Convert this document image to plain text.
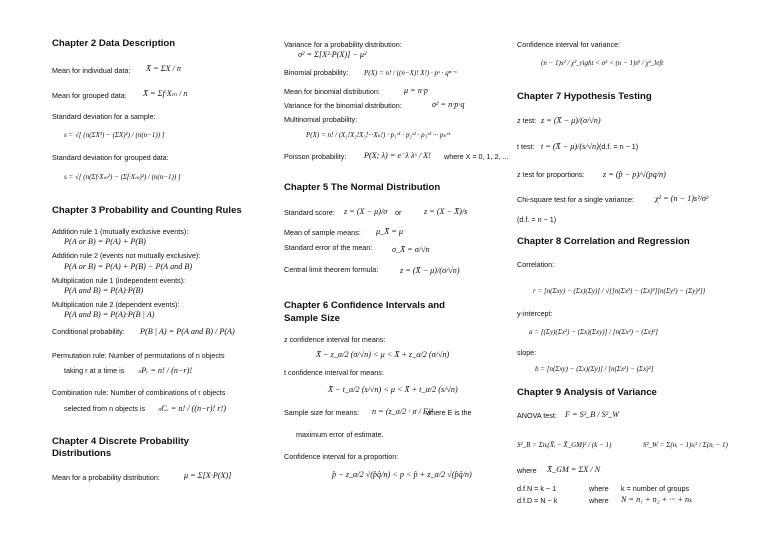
Chapter 2 Data Description
Mean for individual data: X̄ = ΣX / n
Mean for grouped data: X̄ = Σf·Xₘ / n
Standard deviation for a sample:
s = √[ (n(ΣX²) − (ΣX)²) / (n(n−1)) ]
Standard deviation for grouped data:
s = √[ (n(Σf·Xₘ²) − (Σf·Xₘ)²) / (n(n−1)) ]
Chapter 3 Probability and Counting Rules
Addition rule 1 (mutually exclusive events):
P(A or B) = P(A) + P(B)
Addition rule 2 (events not mutually exclusive):
P(A or B) = P(A) + P(B) − P(A and B)
Multiplication rule 1 (independent events):
P(A and B) = P(A)·P(B)
Multiplication rule 2 (dependent events):
P(A and B) = P(A)·P(B | A)
Conditional probability: P(B | A) = P(A and B) / P(A)
Permutation rule: Number of permutations of n objects
taking r at a time is ₙPᵣ = n! / (n−r)!
Combination rule: Number of combinations of r objects
selected from n objects is ₙCᵣ = n! / ((n−r)! r!)
Chapter 4 Discrete Probability
Distributions
Mean for a probability distribution:	μ = Σ[X·P(X)]
Variance for a probability distribution:
σ² = Σ[X²·P(X)] − μ²
Binomial probability: P(X) = n! / ((n−X)! X!) · pˣ · qⁿ⁻ˣ
Mean for binomial distribution:	μ = n·p
Variance for the binomial distribution:	σ² = n·p·q
Multinomial probability:
P(X) = n! / (X₁!X₂!X₃!···Xₖ!) · p₁ˣ¹ · p₂ˣ² · p₃ˣ³ ··· pₖˣᵏ
Poisson probability: P(X; λ) = e⁻λ λˣ / X! where X = 0, 1, 2, ...
Chapter 5 The Normal Distribution
Standard score: z = (X − μ)/σ or	z = (X − X̄)/s
Mean of sample means: μ_X̄ = μ
Standard error of the mean: σ_X̄ = σ/√n
Central limit theorem formula:	z = (X̄ − μ)/(σ/√n)
Chapter 6 Confidence Intervals and
Sample Size
z confidence interval for means:
X̄ − z_α/2 (σ/√n) < μ < X̄ + z_α/2 (σ/√n)
t confidence interval for means:
X̄ − t_α/2 (s/√n) < μ < X̄ + t_α/2 (s/√n)
Sample size for means: n = (z_α/2 · σ / E)²
where E is the
maximum error of estimate.
Confidence interval for a proportion:
p̂ − z_α/2 √(p̂q̂/n) < p < p̂ + z_α/2 √(p̂q̂/n)
Confidence interval for variance:
(n − 1)s² / χ²_right < σ² < (n − 1)s² / χ²_left
Chapter 7 Hypothesis Testing
z test: z = (X̄ − μ)/(σ/√n)
t test: t = (X̄ − μ)/(s/√n) (d.f. = n − 1)
z test for proportions: z = (p̂ − p)/√(pq/n)
Chi-square test for a single variance:	χ² = (n − 1)s²/σ²
(d.f. = n − 1)
Chapter 8 Correlation and Regression
Correlation:
r = [n(Σxy) − (Σx)(Σy)] / √{[n(Σx²) − (Σx)²][n(Σy²) − (Σy)²]}
y-intercept:
a = [(Σy)(Σx²) − (Σx)(Σxy)] / [n(Σx²) − (Σx)²]
slope:
b = [n(Σxy) − (Σx)(Σy)] / [n(Σx²) − (Σx)²]
Chapter 9 Analysis of Variance
ANOVA test: F = S²_B / S²_W
S²_B = Σnᵢ(X̄ᵢ − X̄_GM)² / (k − 1)	S²_W = Σ(nᵢ − 1)sᵢ² / Σ(nᵢ − 1)
where X̄_GM = ΣX / N
d.f.N = k − 1	where k = number of groups
d.f.D = N − k	where N = n₁ + n₂ + ··· + nₖ
